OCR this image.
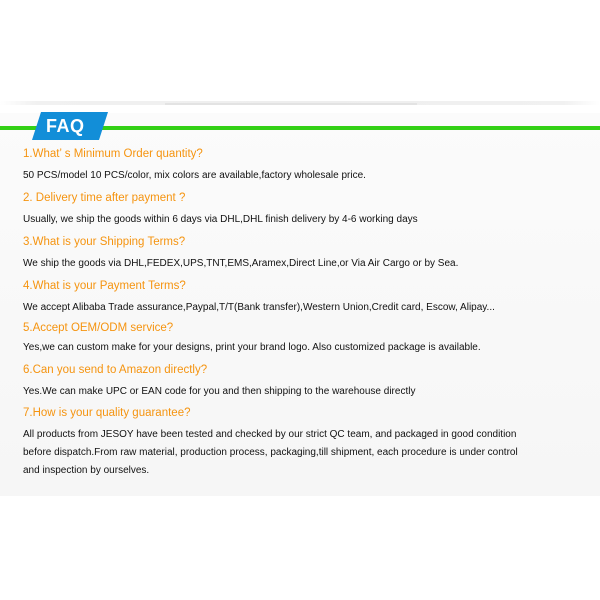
FAQ
1.What’ s Minimum Order quantity?
50 PCS/model 10 PCS/color, mix colors are available,factory wholesale price.
2. Delivery time after payment ?
Usually, we ship the goods within 6 days via DHL,DHL finish delivery by 4-6 working days
3.What is your Shipping Terms?
We ship the goods via DHL,FEDEX,UPS,TNT,EMS,Aramex,Direct Line,or Via Air Cargo or by Sea.
4.What is your Payment Terms?
We accept Alibaba Trade assurance,Paypal,T/T(Bank transfer),Western Union,Credit card, Escow, Alipay...
5.Accept OEM/ODM service?
Yes,we can custom make for your designs, print your brand logo. Also customized package is available.
6.Can you send to Amazon directly?
Yes.We can make UPC or EAN code for you and then shipping to the warehouse directly
7.How is your quality guarantee?
All products from JESOY have been tested and checked by our strict QC team, and packaged in good condition
before dispatch.From raw material, production process, packaging,till shipment, each procedure is under control
and inspection by ourselves.
